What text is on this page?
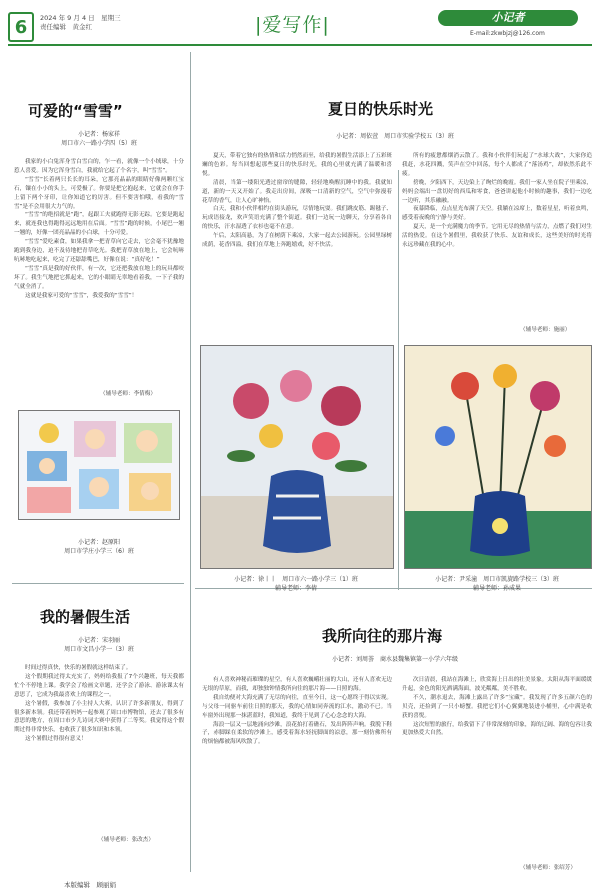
6	2024 年 9 月 4 日　星期三
责任编辑　黄金红	|爱写作|	小记者
E-mail:zkwbjzj@126.com
可爱的“雪雪”
小记者：杨家祥
周口市六一路小学四（5）班

我家的小白兔浑身雪白雪白的，乍一看，就像一个小绒球，十分惹人喜爱。因为它浑身雪白，我就给它起了个名字，叫“雪雪”。

“雪雪”长着两只长长的耳朵，它那亮晶晶的眼睛好像两颗红宝石，镶在小小的头上，可爱极了。你要是把它抱起来，它就会在你手上留下两个牙印，让你知道它的厉害。但不要害怕哦，看我的“雪雪”是不会用很大力气的。

“雪雪”的绝招就是“跑”，起跟工夫就跑得无影无踪。它要是跑起来，就连我也得跑得远远地用在后面。“雪雪”跑的时候，小尾巴一翘一翘的，好像一团亮晶晶的小白球，十分可爱。

“雪雪”爱吃素食，如果我拿一把青草向它走去，它会毫不犹豫地跑到我身边，迫不及待地把青草吃光。我把青草放在地上，它会吭哧吭哧地吃起来，吃完了还舔舔嘴巴，好像在说：“真好吃！”

“雪雪”真是我的好伙伴，有一次，它还把我放在地上的玩具都咬坏了。我生气地把它抓起来，它的小眼睛无辜地看着我，一下子我的气就全消了。

这就是我家可爱的“雪雪”，我爱我的“雪雪”！

（辅导老师：李倩梅）
小记者：赵原阳
周口市学庄小学三（6）班
我的暑假生活
小记者：宋羽丽
周口市文昌小学一（3）班

时间过得真快，快乐的暑假就这样结束了。

这个假期我过得太充实了，妈妈给我报了7个兴趣班，每天我都忙个不停地上课。我学会了绘画文章题，还学会了游泳、游泳课太有意思了，它成为我最喜欢上的课程之一。

这个暑假，我参加了小主持人大赛，认识了许多新朋友，得到了很多新本领。我还带着妈妈一起参观了周口市博物馆，还去了很多有意思的地方，在周口市少儿诗词大赛中获得了二等奖。我觉得这个假期过得非常快乐，也收获了很多知识和本领。

这个暑假过得很有意义！

（辅导老师：张改杰）
本版编辑　顾丽娟
夏日的快乐时光
小记者：周依萱　周口市实验学校五（3）班

夏天，带着它独有的热情和活力悄然而至，给我的暑假生活添上了五彩斑斓的色彩。每当回想起那些夏日的快乐时光，我的心里就充满了温暖和喜悦。

清晨，当第一缕阳光透过窗帘的缝隙，轻轻地唤醒沉睡中的我。我就知道，新的一天又开始了。我走出房间，深吸一口清新的空气，空气中弥漫着花草的香气，让人心旷神怡。

白天，我和小伙伴相约在街头游玩，尽情地玩耍。我们跳皮筋、踢毽子、玩成语接龙，欢声笑语充满了整个街道。我们一边玩一边聊天，分享着各自的快乐，汗水湿透了衣衫也毫不在意。

午后，太阳高悬，为了在树荫下乘凉，大家一起去公园游玩。公园里绿树成荫，花香四溢，我们在草地上奔跑嬉戏，好不快活。

所有的疲惫都烟消云散了。我和小伙伴们玩起了“水球大战”，大家你追我赶，水花四溅，笑声在空中回荡，每个人都成了“落汤鸡”，却依然乐此不疲。

傍晚，夕阳西下，天边染上了绚烂的晚霞。我们一家人坐在院子里乘凉，妈妈会端出一盘切好的西瓜和零食，爸爸讲起他小时候的趣事，我们一边吃一边听，其乐融融。

夜幕降临，点点星光布满了天空。我躺在凉席上，数着星星，听着虫鸣，感受着夜晚的宁静与美好。

夏天，是一个充满魔力的季节。它用无尽的热情与活力，点燃了我们对生活的热爱。在这个暑假里，我收获了快乐、友谊和成长，这些美好的时光将永远珍藏在我的心中。

（辅导老师：施丽）
小记者：徐丨丨　周口市六一路小学三（1）班
辅导老师：李倩
小记者：尹采潼　周口市凯旋路学校三（3）班
辅导老师：孙成果
我所向往的那片海
小记者：刘周荟　商水县魏集镇第一小学六年级

有人喜欢神秘而璀璨的星空，有人喜欢巍峨壮丽的大山，还有人喜欢无边无垠的草原，而我，却独独钟情我所向往的那片海——日照的海。

我自幼便对大海充满了无尽的向往，直至今日，这一心愿终于得以实现。与父母一同驱车前往日照的那天，我的心情如同奔流的江水，激动不已。当车窗外出现那一抹湛蓝时，我知道，我终于见到了心心念念的大海。

海浪一层又一层地涌向沙滩，浪花拍打着礁石，发出阵阵声响。我脱下鞋子，赤脚踩在柔软的沙滩上，感受着海水轻抚脚面的凉意，那一刻仿佛所有的烦恼都被海风吹散了。

次日清晨，我站在海滩上，欣赏海上日出的壮美景象。太阳从海平面缓缓升起，金色的阳光洒满海面，波光粼粼，美不胜收。

不久，潮水退去，海滩上露出了许多“宝藏”。我发现了许多五颜六色的贝壳，还捡到了一只小螃蟹。我把它们小心翼翼地装进小桶里，心中满是收获的喜悦。

这次短暂的旅行，给我留下了非常深刻的印象，海的辽阔、海的包容让我更加热爱大自然。

（辅导老师：张绍芳）
